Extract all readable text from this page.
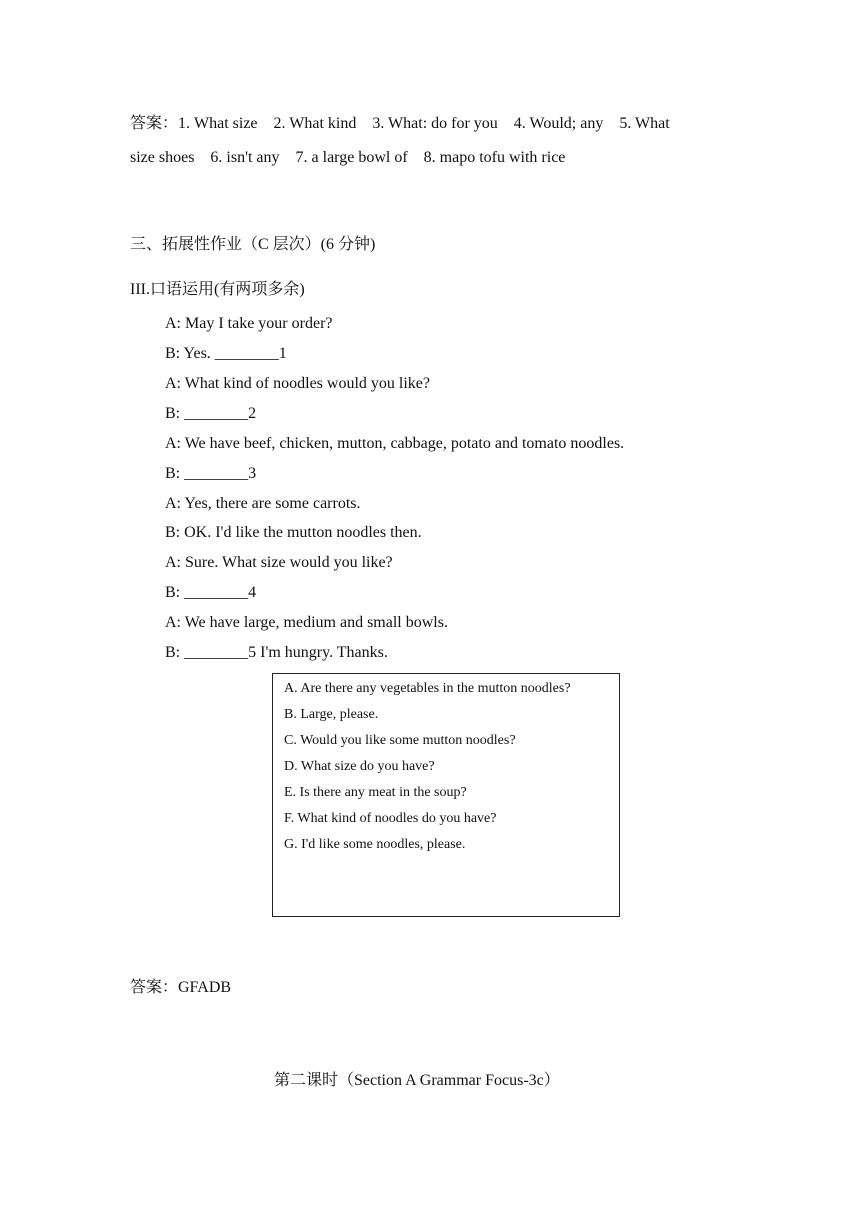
答案：1. What size    2. What kind    3. What: do for you    4. Would; any    5. What
size shoes    6. isn't any    7. a large bowl of    8. mapo tofu with rice
三、拓展性作业（C 层次）(6 分钟)
III.口语运用(有两项多余)
A: May I take your order?
B: Yes. ________1
A: What kind of noodles would you like?
B: ________2
A: We have beef, chicken, mutton, cabbage, potato and tomato noodles.
B: ________3
A: Yes, there are some carrots.
B: OK. I'd like the mutton noodles then.
A: Sure. What size would you like?
B: ________4
A: We have large, medium and small bowls.
B: ________5 I'm hungry. Thanks.
A. Are there any vegetables in the mutton noodles?
B. Large, please.
C. Would you like some mutton noodles?
D. What size do you have?
E. Is there any meat in the soup?
F. What kind of noodles do you have?
G. I'd like some noodles, please.
答案：GFADB
第二课时（Section A Grammar Focus-3c）
